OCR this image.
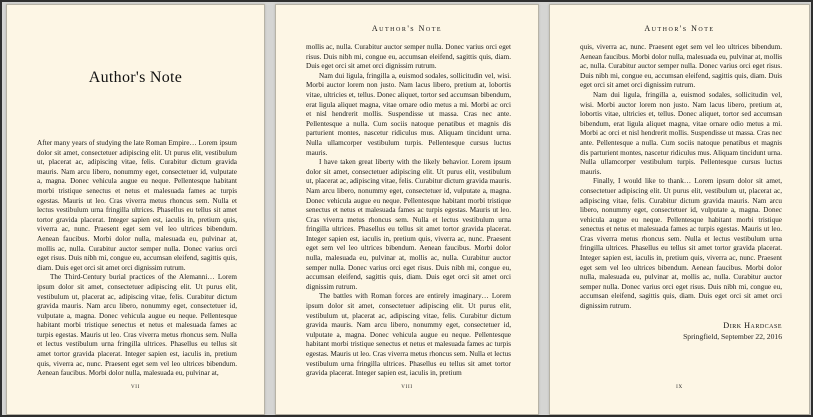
Author's Note

After many years of studying the late Roman Empire… Lorem ipsum dolor sit amet, consectetuer adipiscing elit. Ut purus elit, vestibulum ut, placerat ac, adipiscing vitae, felis. Curabitur dictum gravida mauris. Nam arcu libero, nonummy eget, consectetuer id, vulputate a, magna. Donec vehicula augue eu neque. Pellentesque habitant morbi tristique senectus et netus et malesuada fames ac turpis egestas. Mauris ut leo. Cras viverra metus rhoncus sem. Nulla et lectus vestibulum urna fringilla ultrices. Phasellus eu tellus sit amet tortor gravida placerat. Integer sapien est, iaculis in, pretium quis, viverra ac, nunc. Praesent eget sem vel leo ultrices bibendum. Aenean faucibus. Morbi dolor nulla, malesuada eu, pulvinar at, mollis ac, nulla. Curabitur auctor semper nulla. Donec varius orci eget risus. Duis nibh mi, congue eu, accumsan eleifend, sagittis quis, diam. Duis eget orci sit amet orci dignissim rutrum.

The Third-Century burial practices of the Alemanni… Lorem ipsum dolor sit amet, consectetuer adipiscing elit. Ut purus elit, vestibulum ut, placerat ac, adipiscing vitae, felis. Curabitur dictum gravida mauris. Nam arcu libero, nonummy eget, consectetuer id, vulputate a, magna. Donec vehicula augue eu neque. Pellentesque habitant morbi tristique senectus et netus et malesuada fames ac turpis egestas. Mauris ut leo. Cras viverra metus rhoncus sem. Nulla et lectus vestibulum urna fringilla ultrices. Phasellus eu tellus sit amet tortor gravida placerat. Integer sapien est, iaculis in, pretium quis, viverra ac, nunc. Praesent eget sem vel leo ultrices bibendum. Aenean faucibus. Morbi dolor nulla, malesuada eu, pulvinar at,

vii
Author's Note

mollis ac, nulla. Curabitur auctor semper nulla. Donec varius orci eget risus. Duis nibh mi, congue eu, accumsan eleifend, sagittis quis, diam. Duis eget orci sit amet orci dignissim rutrum.

Nam dui ligula, fringilla a, euismod sodales, sollicitudin vel, wisi. Morbi auctor lorem non justo. Nam lacus libero, pretium at, lobortis vitae, ultricies et, tellus. Donec aliquet, tortor sed accumsan bibendum, erat ligula aliquet magna, vitae ornare odio metus a mi. Morbi ac orci et nisl hendrerit mollis. Suspendisse ut massa. Cras nec ante. Pellentesque a nulla. Cum sociis natoque penatibus et magnis dis parturient montes, nascetur ridiculus mus. Aliquam tincidunt urna. Nulla ullamcorper vestibulum turpis. Pellentesque cursus luctus mauris.

I have taken great liberty with the likely behavior. Lorem ipsum dolor sit amet, consectetuer adipiscing elit. Ut purus elit, vestibulum ut, placerat ac, adipiscing vitae, felis. Curabitur dictum gravida mauris. Nam arcu libero, nonummy eget, consectetuer id, vulputate a, magna. Donec vehicula augue eu neque. Pellentesque habitant morbi tristique senectus et netus et malesuada fames ac turpis egestas. Mauris ut leo. Cras viverra metus rhoncus sem. Nulla et lectus vestibulum urna fringilla ultrices. Phasellus eu tellus sit amet tortor gravida placerat. Integer sapien est, iaculis in, pretium quis, viverra ac, nunc. Praesent eget sem vel leo ultrices bibendum. Aenean faucibus. Morbi dolor nulla, malesuada eu, pulvinar at, mollis ac, nulla. Curabitur auctor semper nulla. Donec varius orci eget risus. Duis nibh mi, congue eu, accumsan eleifend, sagittis quis, diam. Duis eget orci sit amet orci dignissim rutrum.

The battles with Roman forces are entirely imaginary… Lorem ipsum dolor sit amet, consectetuer adipiscing elit. Ut purus elit, vestibulum ut, placerat ac, adipiscing vitae, felis. Curabitur dictum gravida mauris. Nam arcu libero, nonummy eget, consectetuer id, vulputate a, magna. Donec vehicula augue eu neque. Pellentesque habitant morbi tristique senectus et netus et malesuada fames ac turpis egestas. Mauris ut leo. Cras viverra metus rhoncus sem. Nulla et lectus vestibulum urna fringilla ultrices. Phasellus eu tellus sit amet tortor gravida placerat. Integer sapien est, iaculis in, pretium

viii
Author's Note

quis, viverra ac, nunc. Praesent eget sem vel leo ultrices bibendum. Aenean faucibus. Morbi dolor nulla, malesuada eu, pulvinar at, mollis ac, nulla. Curabitur auctor semper nulla. Donec varius orci eget risus. Duis nibh mi, congue eu, accumsan eleifend, sagittis quis, diam. Duis eget orci sit amet orci dignissim rutrum.

Nam dui ligula, fringilla a, euismod sodales, sollicitudin vel, wisi. Morbi auctor lorem non justo. Nam lacus libero, pretium at, lobortis vitae, ultricies et, tellus. Donec aliquet, tortor sed accumsan bibendum, erat ligula aliquet magna, vitae ornare odio metus a mi. Morbi ac orci et nisl hendrerit mollis. Suspendisse ut massa. Cras nec ante. Pellentesque a nulla. Cum sociis natoque penatibus et magnis dis parturient montes, nascetur ridiculus mus. Aliquam tincidunt urna. Nulla ullamcorper vestibulum turpis. Pellentesque cursus luctus mauris.

Finally, I would like to thank… Lorem ipsum dolor sit amet, consectetuer adipiscing elit. Ut purus elit, vestibulum ut, placerat ac, adipiscing vitae, felis. Curabitur dictum gravida mauris. Nam arcu libero, nonummy eget, consectetuer id, vulputate a, magna. Donec vehicula augue eu neque. Pellentesque habitant morbi tristique senectus et netus et malesuada fames ac turpis egestas. Mauris ut leo. Cras viverra metus rhoncus sem. Nulla et lectus vestibulum urna fringilla ultrices. Phasellus eu tellus sit amet tortor gravida placerat. Integer sapien est, iaculis in, pretium quis, viverra ac, nunc. Praesent eget sem vel leo ultrices bibendum. Aenean faucibus. Morbi dolor nulla, malesuada eu, pulvinar at, mollis ac, nulla. Curabitur auctor semper nulla. Donec varius orci eget risus. Duis nibh mi, congue eu, accumsan eleifend, sagittis quis, diam. Duis eget orci sit amet orci dignissim rutrum.

Dirk Hardcase
Springfield, September 22, 2016
ix
